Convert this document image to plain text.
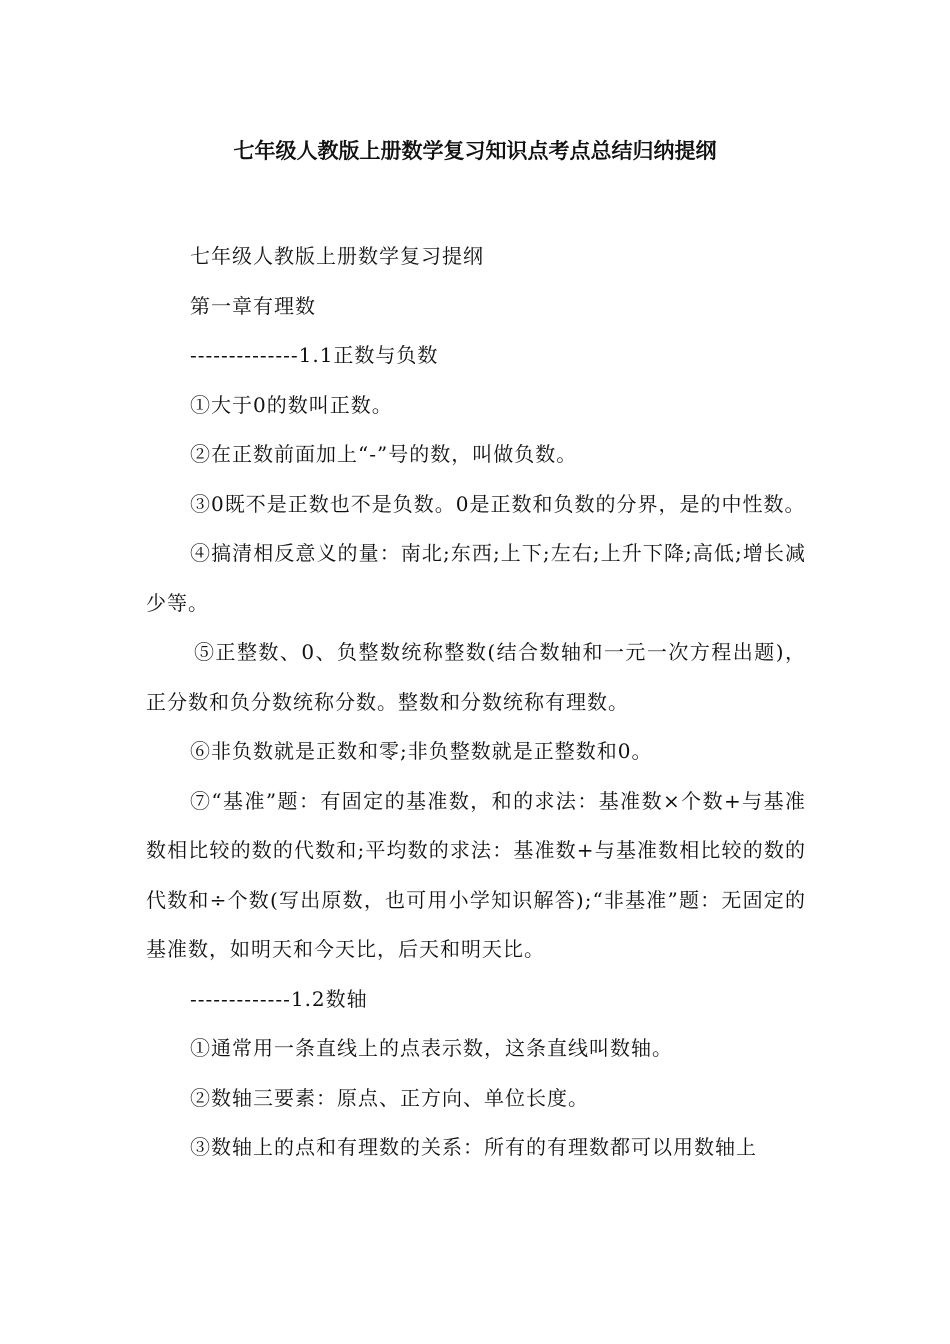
七年级人教版上册数学复习知识点考点总结归纳提纲

七年级人教版上册数学复习提纲

第一章有理数

--------------1.1正数与负数

①大于0的数叫正数。

②在正数前面加上“-”号的数，叫做负数。

③0既不是正数也不是负数。0是正数和负数的分界，是的中性数。

④搞清相反意义的量：南北;东西;上下;左右;上升下降;高低;增长减少等。

⑤正整数、0、负整数统称整数(结合数轴和一元一次方程出题)，正分数和负分数统称分数。整数和分数统称有理数。

⑥非负数就是正数和零;非负整数就是正整数和0。

⑦“基准”题：有固定的基准数，和的求法：基准数×个数+与基准数相比较的数的代数和;平均数的求法：基准数+与基准数相比较的数的代数和÷个数(写出原数，也可用小学知识解答);“非基准”题：无固定的基准数，如明天和今天比，后天和明天比。

-------------1.2数轴

①通常用一条直线上的点表示数，这条直线叫数轴。

②数轴三要素：原点、正方向、单位长度。

③数轴上的点和有理数的关系：所有的有理数都可以用数轴上
